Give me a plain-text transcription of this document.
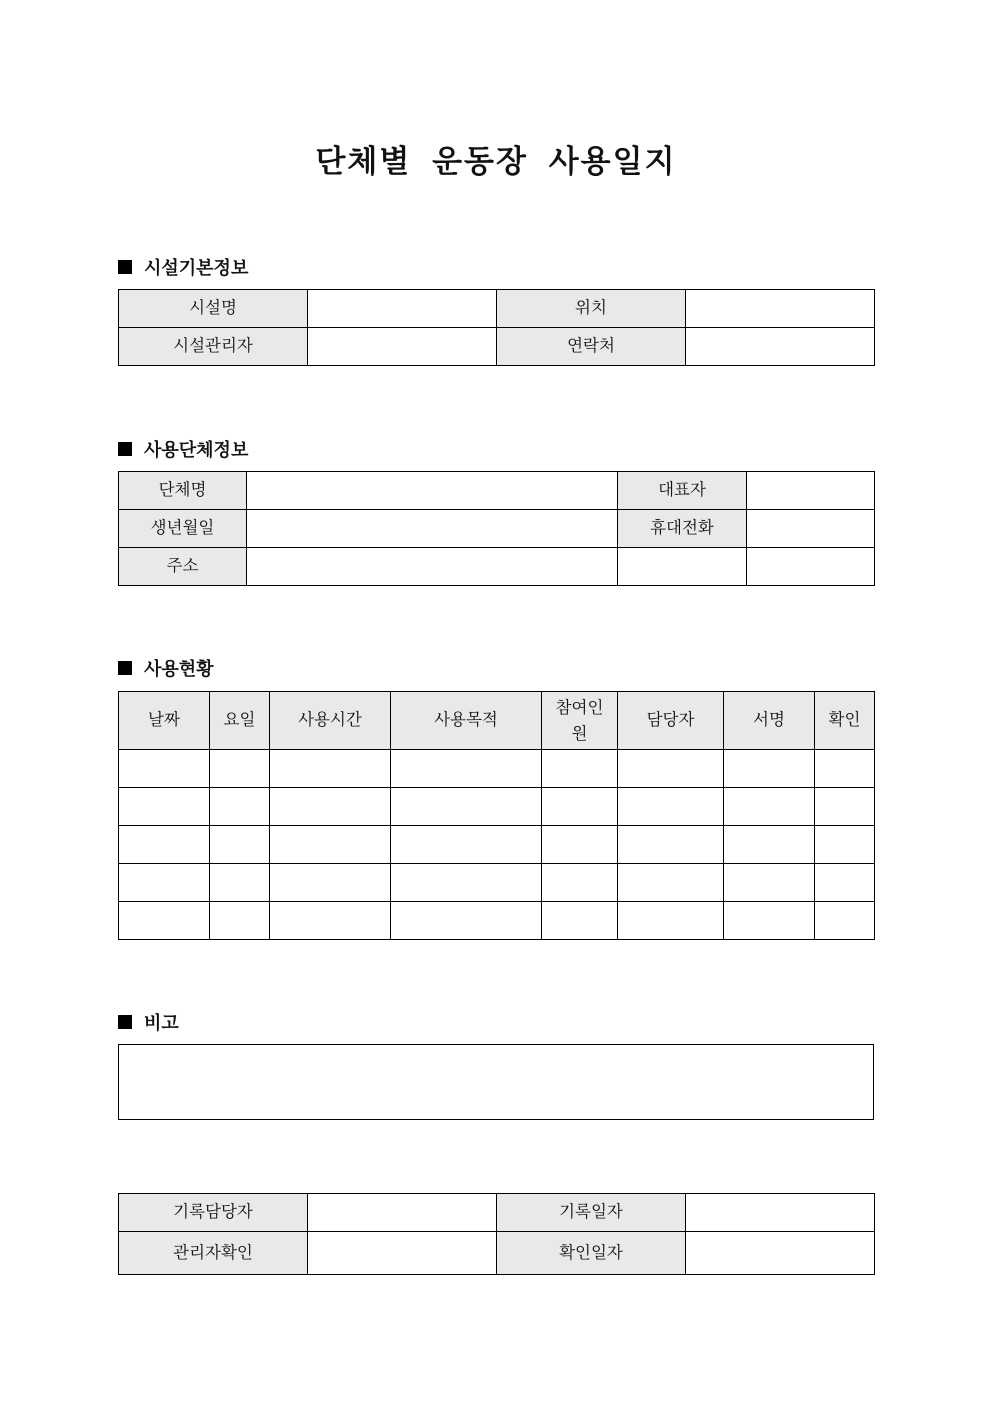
단체별 운동장 사용일지
시설기본정보
시설명		위치	
시설관리자		연락처	
사용단체정보
단체명		대표자	
생년월일		휴대전화	
주소			
사용현황
날짜	요일	사용시간	사용목적	참여인원	담당자	서명	확인

비고
기록담당자		기록일자	
관리자확인		확인일자	
